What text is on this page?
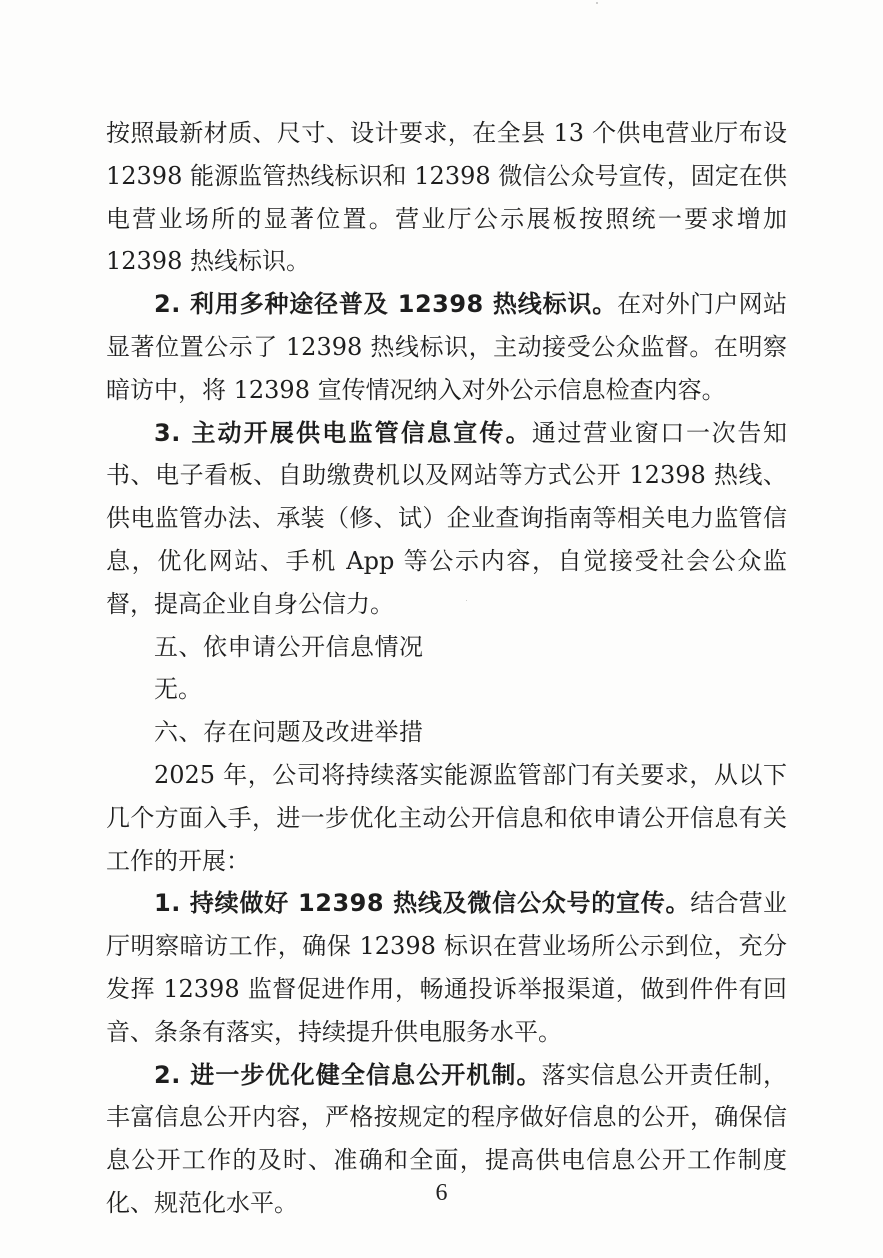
按照最新材质、尺寸、设计要求，在全县 13 个供电营业厅布设 12398 能源监管热线标识和 12398 微信公众号宣传，固定在供电营业场所的显著位置。营业厅公示展板按照统一要求增加 12398 热线标识。

2. 利用多种途径普及 12398 热线标识。在对外门户网站显著位置公示了 12398 热线标识，主动接受公众监督。在明察暗访中，将 12398 宣传情况纳入对外公示信息检查内容。

3. 主动开展供电监管信息宣传。通过营业窗口一次告知书、电子看板、自助缴费机以及网站等方式公开 12398 热线、供电监管办法、承装（修、试）企业查询指南等相关电力监管信息，优化网站、手机 App 等公示内容，自觉接受社会公众监督，提高企业自身公信力。

五、依申请公开信息情况

无。

六、存在问题及改进举措

2025 年，公司将持续落实能源监管部门有关要求，从以下几个方面入手，进一步优化主动公开信息和依申请公开信息有关工作的开展：

1. 持续做好 12398 热线及微信公众号的宣传。结合营业厅明察暗访工作，确保 12398 标识在营业场所公示到位，充分发挥 12398 监督促进作用，畅通投诉举报渠道，做到件件有回音、条条有落实，持续提升供电服务水平。

2. 进一步优化健全信息公开机制。落实信息公开责任制，丰富信息公开内容，严格按规定的程序做好信息的公开，确保信息公开工作的及时、准确和全面，提高供电信息公开工作制度化、规范化水平。	6
